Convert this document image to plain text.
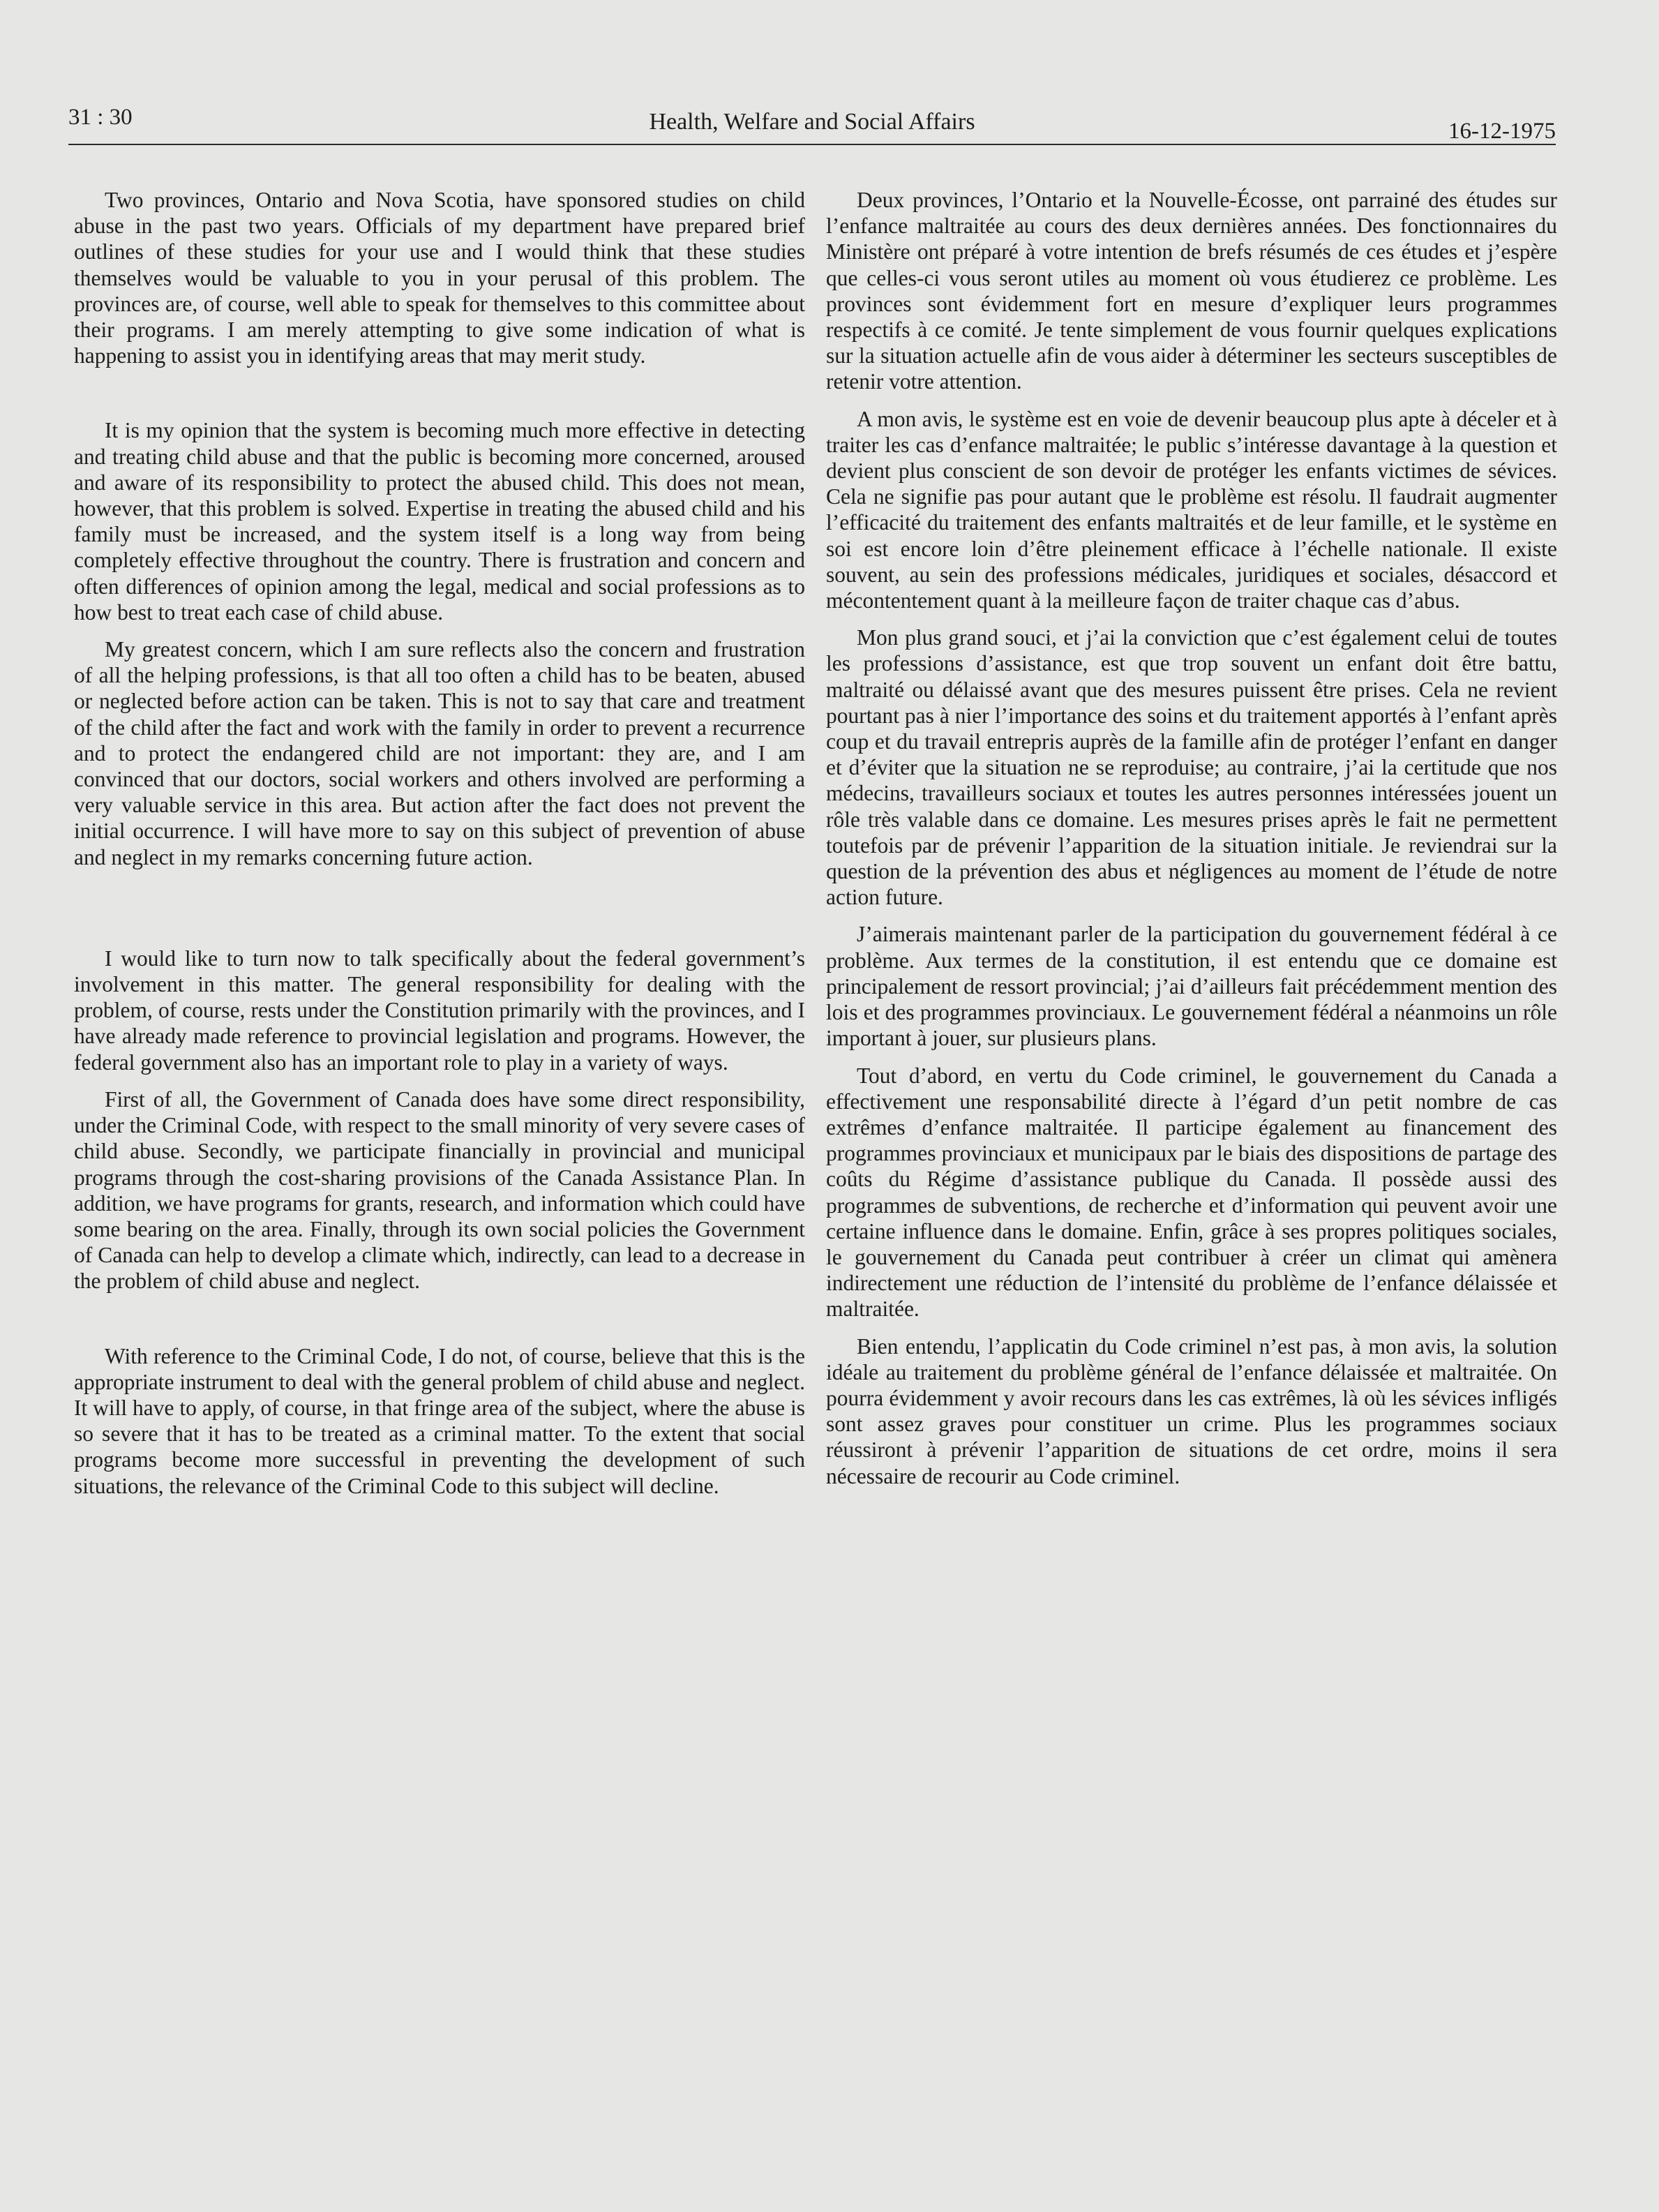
31 : 30	Health, Welfare and Social Affairs	16-12-1975

Two provinces, Ontario and Nova Scotia, have sponsored studies on child abuse in the past two years. Officials of my department have prepared brief outlines of these studies for your use and I would think that these studies themselves would be valuable to you in your perusal of this problem. The provinces are, of course, well able to speak for themselves to this committee about their programs. I am merely attempting to give some indication of what is happening to assist you in identifying areas that may merit study.

It is my opinion that the system is becoming much more effective in detecting and treating child abuse and that the public is becoming more concerned, aroused and aware of its responsibility to protect the abused child. This does not mean, however, that this problem is solved. Expertise in treating the abused child and his family must be increased, and the system itself is a long way from being completely effective throughout the country. There is frustration and concern and often differences of opinion among the legal, medical and social professions as to how best to treat each case of child abuse.

My greatest concern, which I am sure reflects also the concern and frustration of all the helping professions, is that all too often a child has to be beaten, abused or neglected before action can be taken. This is not to say that care and treatment of the child after the fact and work with the family in order to prevent a recurrence and to protect the endangered child are not important: they are, and I am convinced that our doctors, social workers and others involved are performing a very valuable service in this area. But action after the fact does not prevent the initial occurrence. I will have more to say on this subject of prevention of abuse and neglect in my remarks concerning future action.

I would like to turn now to talk specifically about the federal government’s involvement in this matter. The general responsibility for dealing with the problem, of course, rests under the Constitution primarily with the provinces, and I have already made reference to provincial legislation and programs. However, the federal government also has an important role to play in a variety of ways.

First of all, the Government of Canada does have some direct responsibility, under the Criminal Code, with respect to the small minority of very severe cases of child abuse. Secondly, we participate financially in provincial and municipal programs through the cost-sharing provisions of the Canada Assistance Plan. In addition, we have programs for grants, research, and information which could have some bearing on the area. Finally, through its own social policies the Government of Canada can help to develop a climate which, indirectly, can lead to a decrease in the problem of child abuse and neglect.

With reference to the Criminal Code, I do not, of course, believe that this is the appropriate instrument to deal with the general problem of child abuse and neglect. It will have to apply, of course, in that fringe area of the subject, where the abuse is so severe that it has to be treated as a criminal matter. To the extent that social programs become more successful in preventing the development of such situations, the relevance of the Criminal Code to this subject will decline.

Deux provinces, l’Ontario et la Nouvelle-Écosse, ont parrainé des études sur l’enfance maltraitée au cours des deux dernières années. Des fonctionnaires du Ministère ont préparé à votre intention de brefs résumés de ces études et j’espère que celles-ci vous seront utiles au moment où vous étudierez ce problème. Les provinces sont évidemment fort en mesure d’expliquer leurs programmes respectifs à ce comité. Je tente simplement de vous fournir quelques explications sur la situation actuelle afin de vous aider à déterminer les secteurs susceptibles de retenir votre attention.

A mon avis, le système est en voie de devenir beaucoup plus apte à déceler et à traiter les cas d’enfance maltraitée; le public s’intéresse davantage à la question et devient plus conscient de son devoir de protéger les enfants victimes de sévices. Cela ne signifie pas pour autant que le problème est résolu. Il faudrait augmenter l’efficacité du traitement des enfants maltraités et de leur famille, et le système en soi est encore loin d’être pleinement efficace à l’échelle nationale. Il existe souvent, au sein des professions médicales, juridiques et sociales, désaccord et mécontentement quant à la meilleure façon de traiter chaque cas d’abus.

Mon plus grand souci, et j’ai la conviction que c’est également celui de toutes les professions d’assistance, est que trop souvent un enfant doit être battu, maltraité ou délaissé avant que des mesures puissent être prises. Cela ne revient pourtant pas à nier l’importance des soins et du traitement apportés à l’enfant après coup et du travail entrepris auprès de la famille afin de protéger l’enfant en danger et d’éviter que la situation ne se reproduise; au contraire, j’ai la certitude que nos médecins, travailleurs sociaux et toutes les autres personnes intéressées jouent un rôle très valable dans ce domaine. Les mesures prises après le fait ne permettent toutefois par de prévenir l’apparition de la situation initiale. Je reviendrai sur la question de la prévention des abus et négligences au moment de l’étude de notre action future.

J’aimerais maintenant parler de la participation du gouvernement fédéral à ce problème. Aux termes de la constitution, il est entendu que ce domaine est principalement de ressort provincial; j’ai d’ailleurs fait précédemment mention des lois et des programmes provinciaux. Le gouvernement fédéral a néanmoins un rôle important à jouer, sur plusieurs plans.

Tout d’abord, en vertu du Code criminel, le gouvernement du Canada a effectivement une responsabilité directe à l’égard d’un petit nombre de cas extrêmes d’enfance maltraitée. Il participe également au financement des programmes provinciaux et municipaux par le biais des dispositions de partage des coûts du Régime d’assistance publique du Canada. Il possède aussi des programmes de subventions, de recherche et d’information qui peuvent avoir une certaine influence dans le domaine. Enfin, grâce à ses propres politiques sociales, le gouvernement du Canada peut contribuer à créer un climat qui amènera indirectement une réduction de l’intensité du problème de l’enfance délaissée et maltraitée.

Bien entendu, l’applicatin du Code criminel n’est pas, à mon avis, la solution idéale au traitement du problème général de l’enfance délaissée et maltraitée. On pourra évidemment y avoir recours dans les cas extrêmes, là où les sévices infligés sont assez graves pour constituer un crime. Plus les programmes sociaux réussiront à prévenir l’apparition de situations de cet ordre, moins il sera nécessaire de recourir au Code criminel.
